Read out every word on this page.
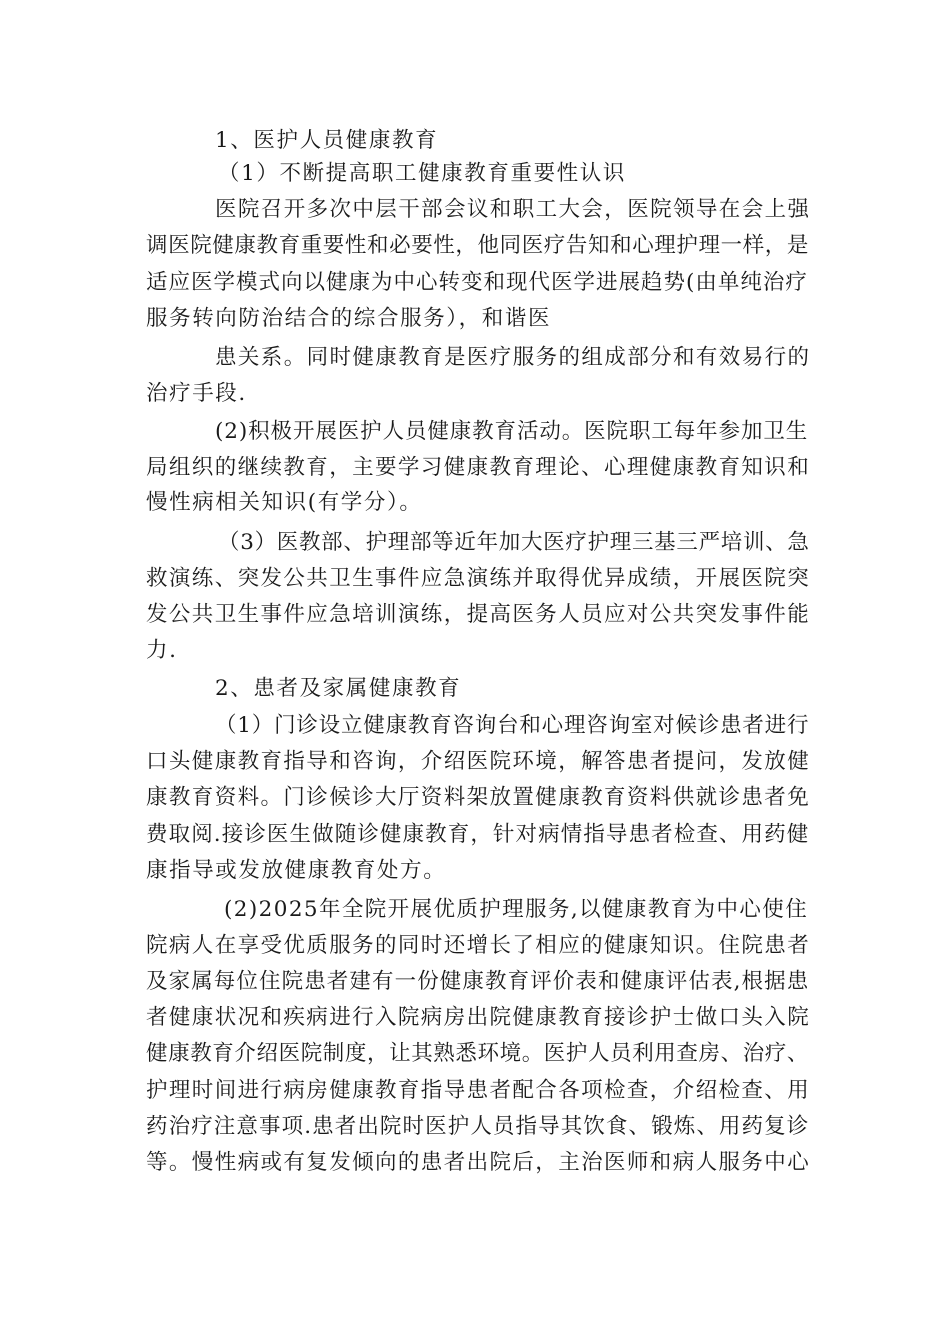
1、医护人员健康教育
（1）不断提高职工健康教育重要性认识
医院召开多次中层干部会议和职工大会，医院领导在会上强
调医院健康教育重要性和必要性，他同医疗告知和心理护理一样，是
适应医学模式向以健康为中心转变和现代医学进展趋势(由单纯治疗
服务转向防治结合的综合服务），和谐医
患关系。同时健康教育是医疗服务的组成部分和有效易行的
治疗手段.
(2)积极开展医护人员健康教育活动。医院职工每年参加卫生
局组织的继续教育，主要学习健康教育理论、心理健康教育知识和
慢性病相关知识(有学分）。
（3）医教部、护理部等近年加大医疗护理三基三严培训、急
救演练、突发公共卫生事件应急演练并取得优异成绩，开展医院突
发公共卫生事件应急培训演练，提高医务人员应对公共突发事件能
力.
2、患者及家属健康教育
（1）门诊设立健康教育咨询台和心理咨询室对候诊患者进行
口头健康教育指导和咨询，介绍医院环境，解答患者提问，发放健
康教育资料。门诊候诊大厅资料架放置健康教育资料供就诊患者免
费取阅.接诊医生做随诊健康教育，针对病情指导患者检查、用药健
康指导或发放健康教育处方。
(2)2025年全院开展优质护理服务,以健康教育为中心使住
院病人在享受优质服务的同时还增长了相应的健康知识。住院患者
及家属每位住院患者建有一份健康教育评价表和健康评估表,根据患
者健康状况和疾病进行入院病房出院健康教育接诊护士做口头入院
健康教育介绍医院制度，让其熟悉环境。医护人员利用查房、治疗、
护理时间进行病房健康教育指导患者配合各项检查，介绍检查、用
药治疗注意事项.患者出院时医护人员指导其饮食、锻炼、用药复诊
等。慢性病或有复发倾向的患者出院后，主治医师和病人服务中心
